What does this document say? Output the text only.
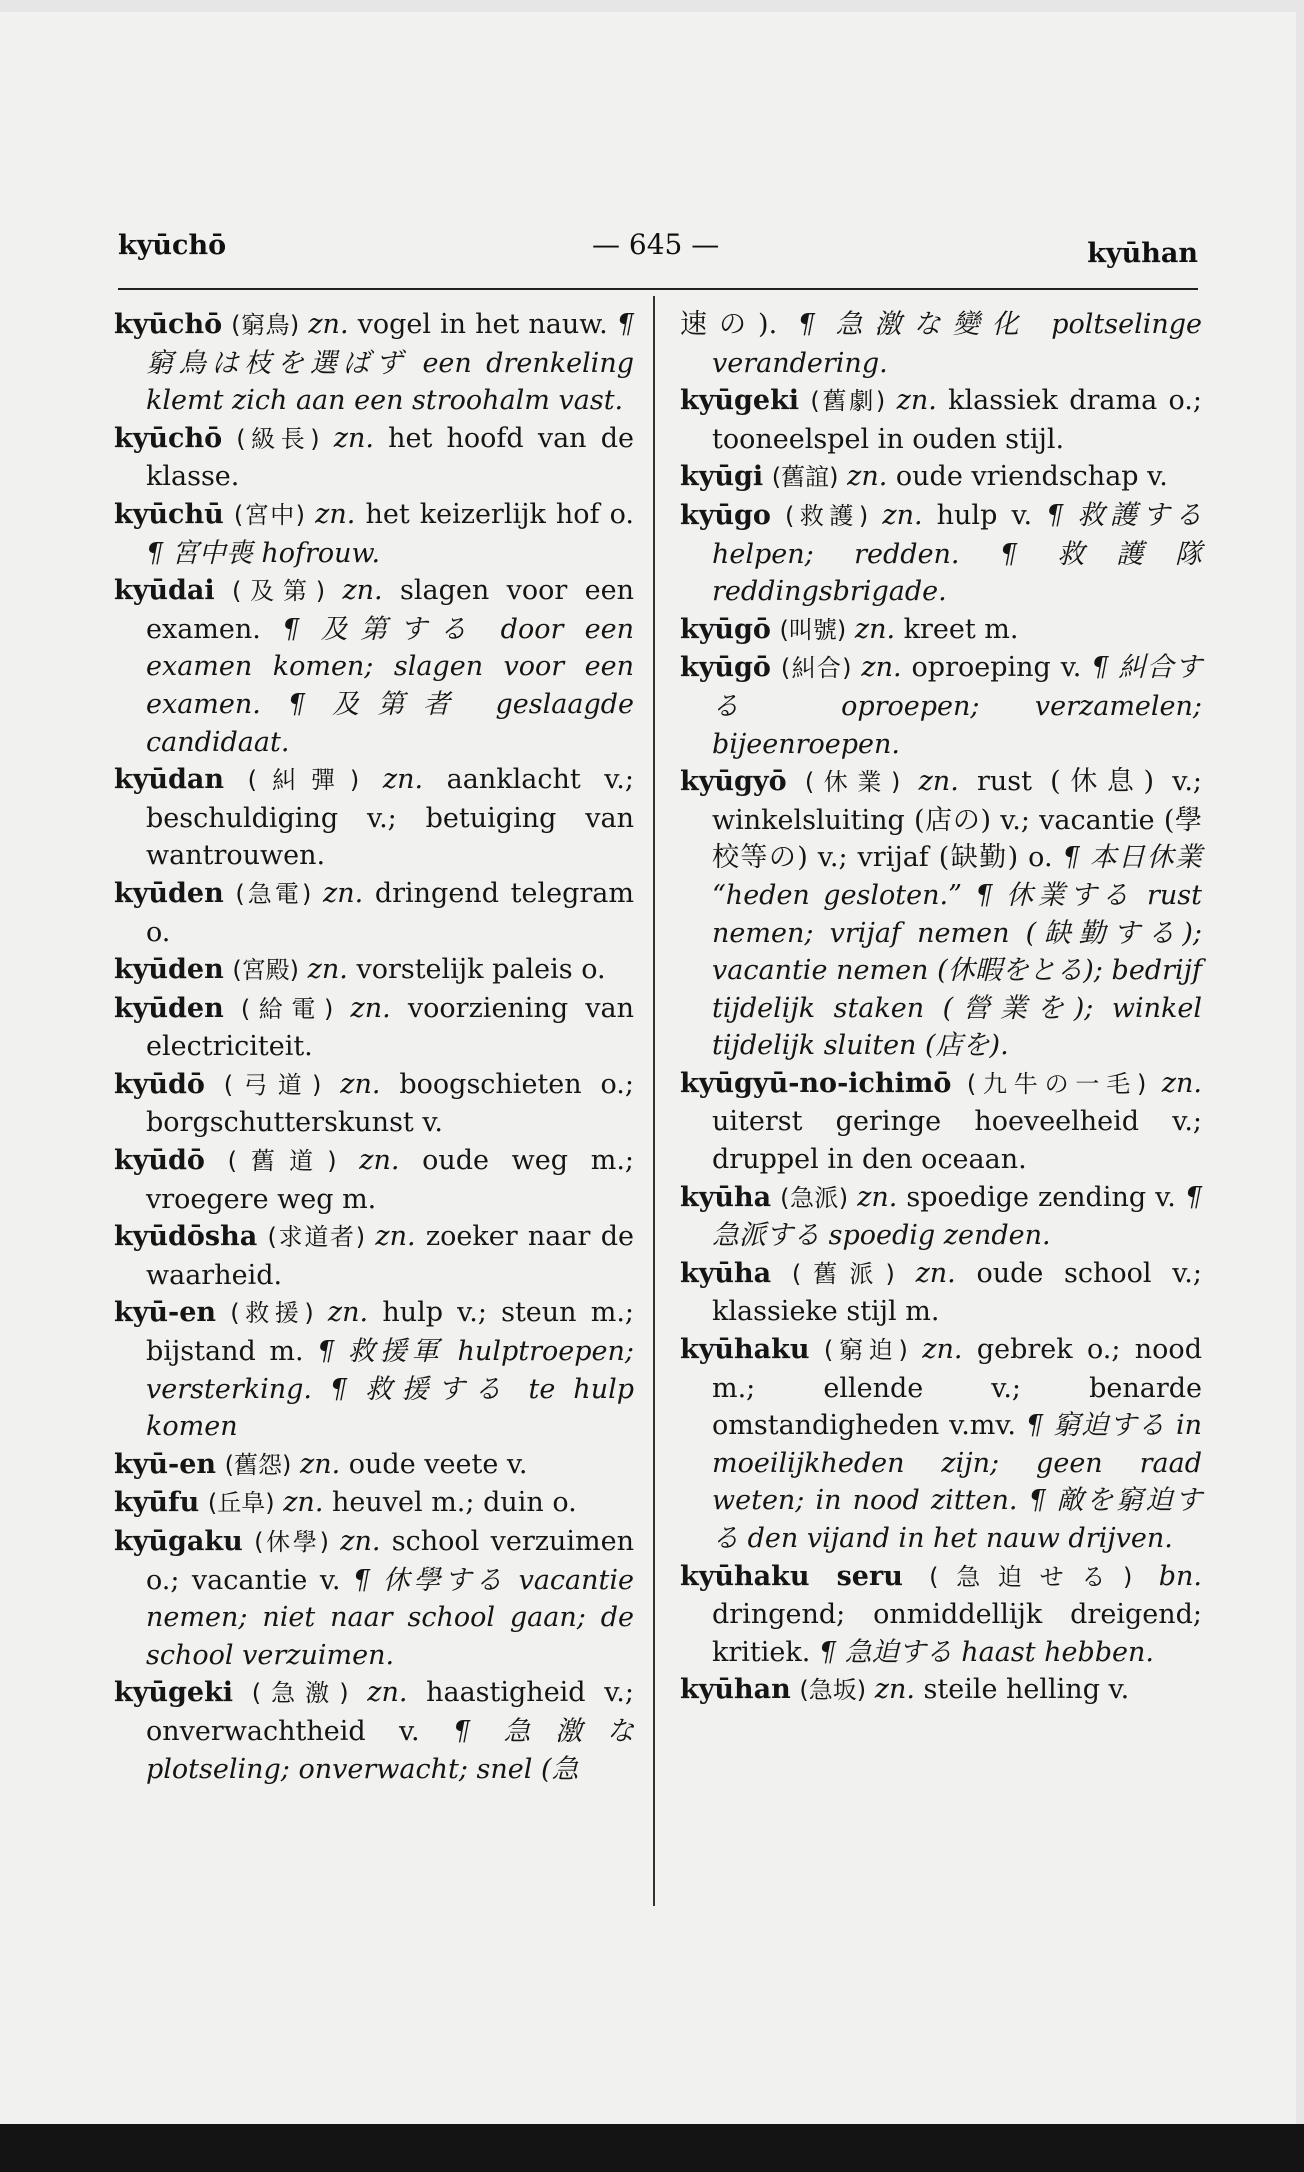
kyūchō	— 645 —	kyūhan

kyūchō (窮鳥) zn. vogel in het nauw. ¶ 窮鳥は枝を選ばず een drenkeling klemt zich aan een stroohalm vast.

kyūchō (級長) zn. het hoofd van de klasse.

kyūchū (宮中) zn. het keizerlijk hof o. ¶ 宮中喪 hofrouw.

kyūdai (及第) zn. slagen voor een examen. ¶ 及第する door een examen komen; slagen voor een examen. ¶ 及第者 geslaagde candidaat.

kyūdan (糾彈) zn. aanklacht v.; beschuldiging v.; betuiging van wantrouwen.

kyūden (急電) zn. dringend telegram o.

kyūden (宮殿) zn. vorstelijk paleis o.

kyūden (給電) zn. voorziening van electriciteit.

kyūdō (弓道) zn. boogschieten o.; borgschutterskunst v.

kyūdō (舊道) zn. oude weg m.; vroegere weg m.

kyūdōsha (求道者) zn. zoeker naar de waarheid.

kyū-en (救援) zn. hulp v.; steun m.; bijstand m. ¶ 救援軍 hulptroepen; versterking. ¶ 救援する te hulp komen

kyū-en (舊怨) zn. oude veete v.

kyūfu (丘阜) zn. heuvel m.; duin o.

kyūgaku (休學) zn. school verzuimen o.; vacantie v. ¶ 休學する vacantie nemen; niet naar school gaan; de school verzuimen.

kyūgeki (急激) zn. haastigheid v.; onverwachtheid v. ¶ 急激な plotseling; onverwacht; snel (急

速の). ¶ 急激な變化 poltselinge verandering.

kyūgeki (舊劇) zn. klassiek drama o.; tooneelspel in ouden stijl.

kyūgi (舊誼) zn. oude vriendschap v.

kyūgo (救護) zn. hulp v. ¶ 救護する helpen; redden. ¶ 救護隊 reddingsbrigade.

kyūgō (叫號) zn. kreet m.

kyūgō (糾合) zn. oproeping v. ¶ 糾合する oproepen; verzamelen; bijeenroepen.

kyūgyō (休業) zn. rust (休息) v.; winkelsluiting (店の) v.; vacantie (學校等の) v.; vrijaf (缺勤) o. ¶ 本日休業 “heden gesloten.” ¶ 休業する rust nemen; vrijaf nemen (缺勤する); vacantie nemen (休暇をとる); bedrijf tijdelijk staken (營業を); winkel tijdelijk sluiten (店を).

kyūgyū-no-ichimō (九牛の一毛) zn. uiterst geringe hoeveelheid v.; druppel in den oceaan.

kyūha (急派) zn. spoedige zending v. ¶ 急派する spoedig zenden.

kyūha (舊派) zn. oude school v.; klassieke stijl m.

kyūhaku (窮迫) zn. gebrek o.; nood m.; ellende v.; benarde omstandigheden v.mv. ¶ 窮迫する in moeilijkheden zijn; geen raad weten; in nood zitten. ¶ 敵を窮迫する den vijand in het nauw drijven.

kyūhaku seru (急迫せる) bn. dringend; onmiddellijk dreigend; kritiek. ¶ 急迫する haast hebben.

kyūhan (急坂) zn. steile helling v.
